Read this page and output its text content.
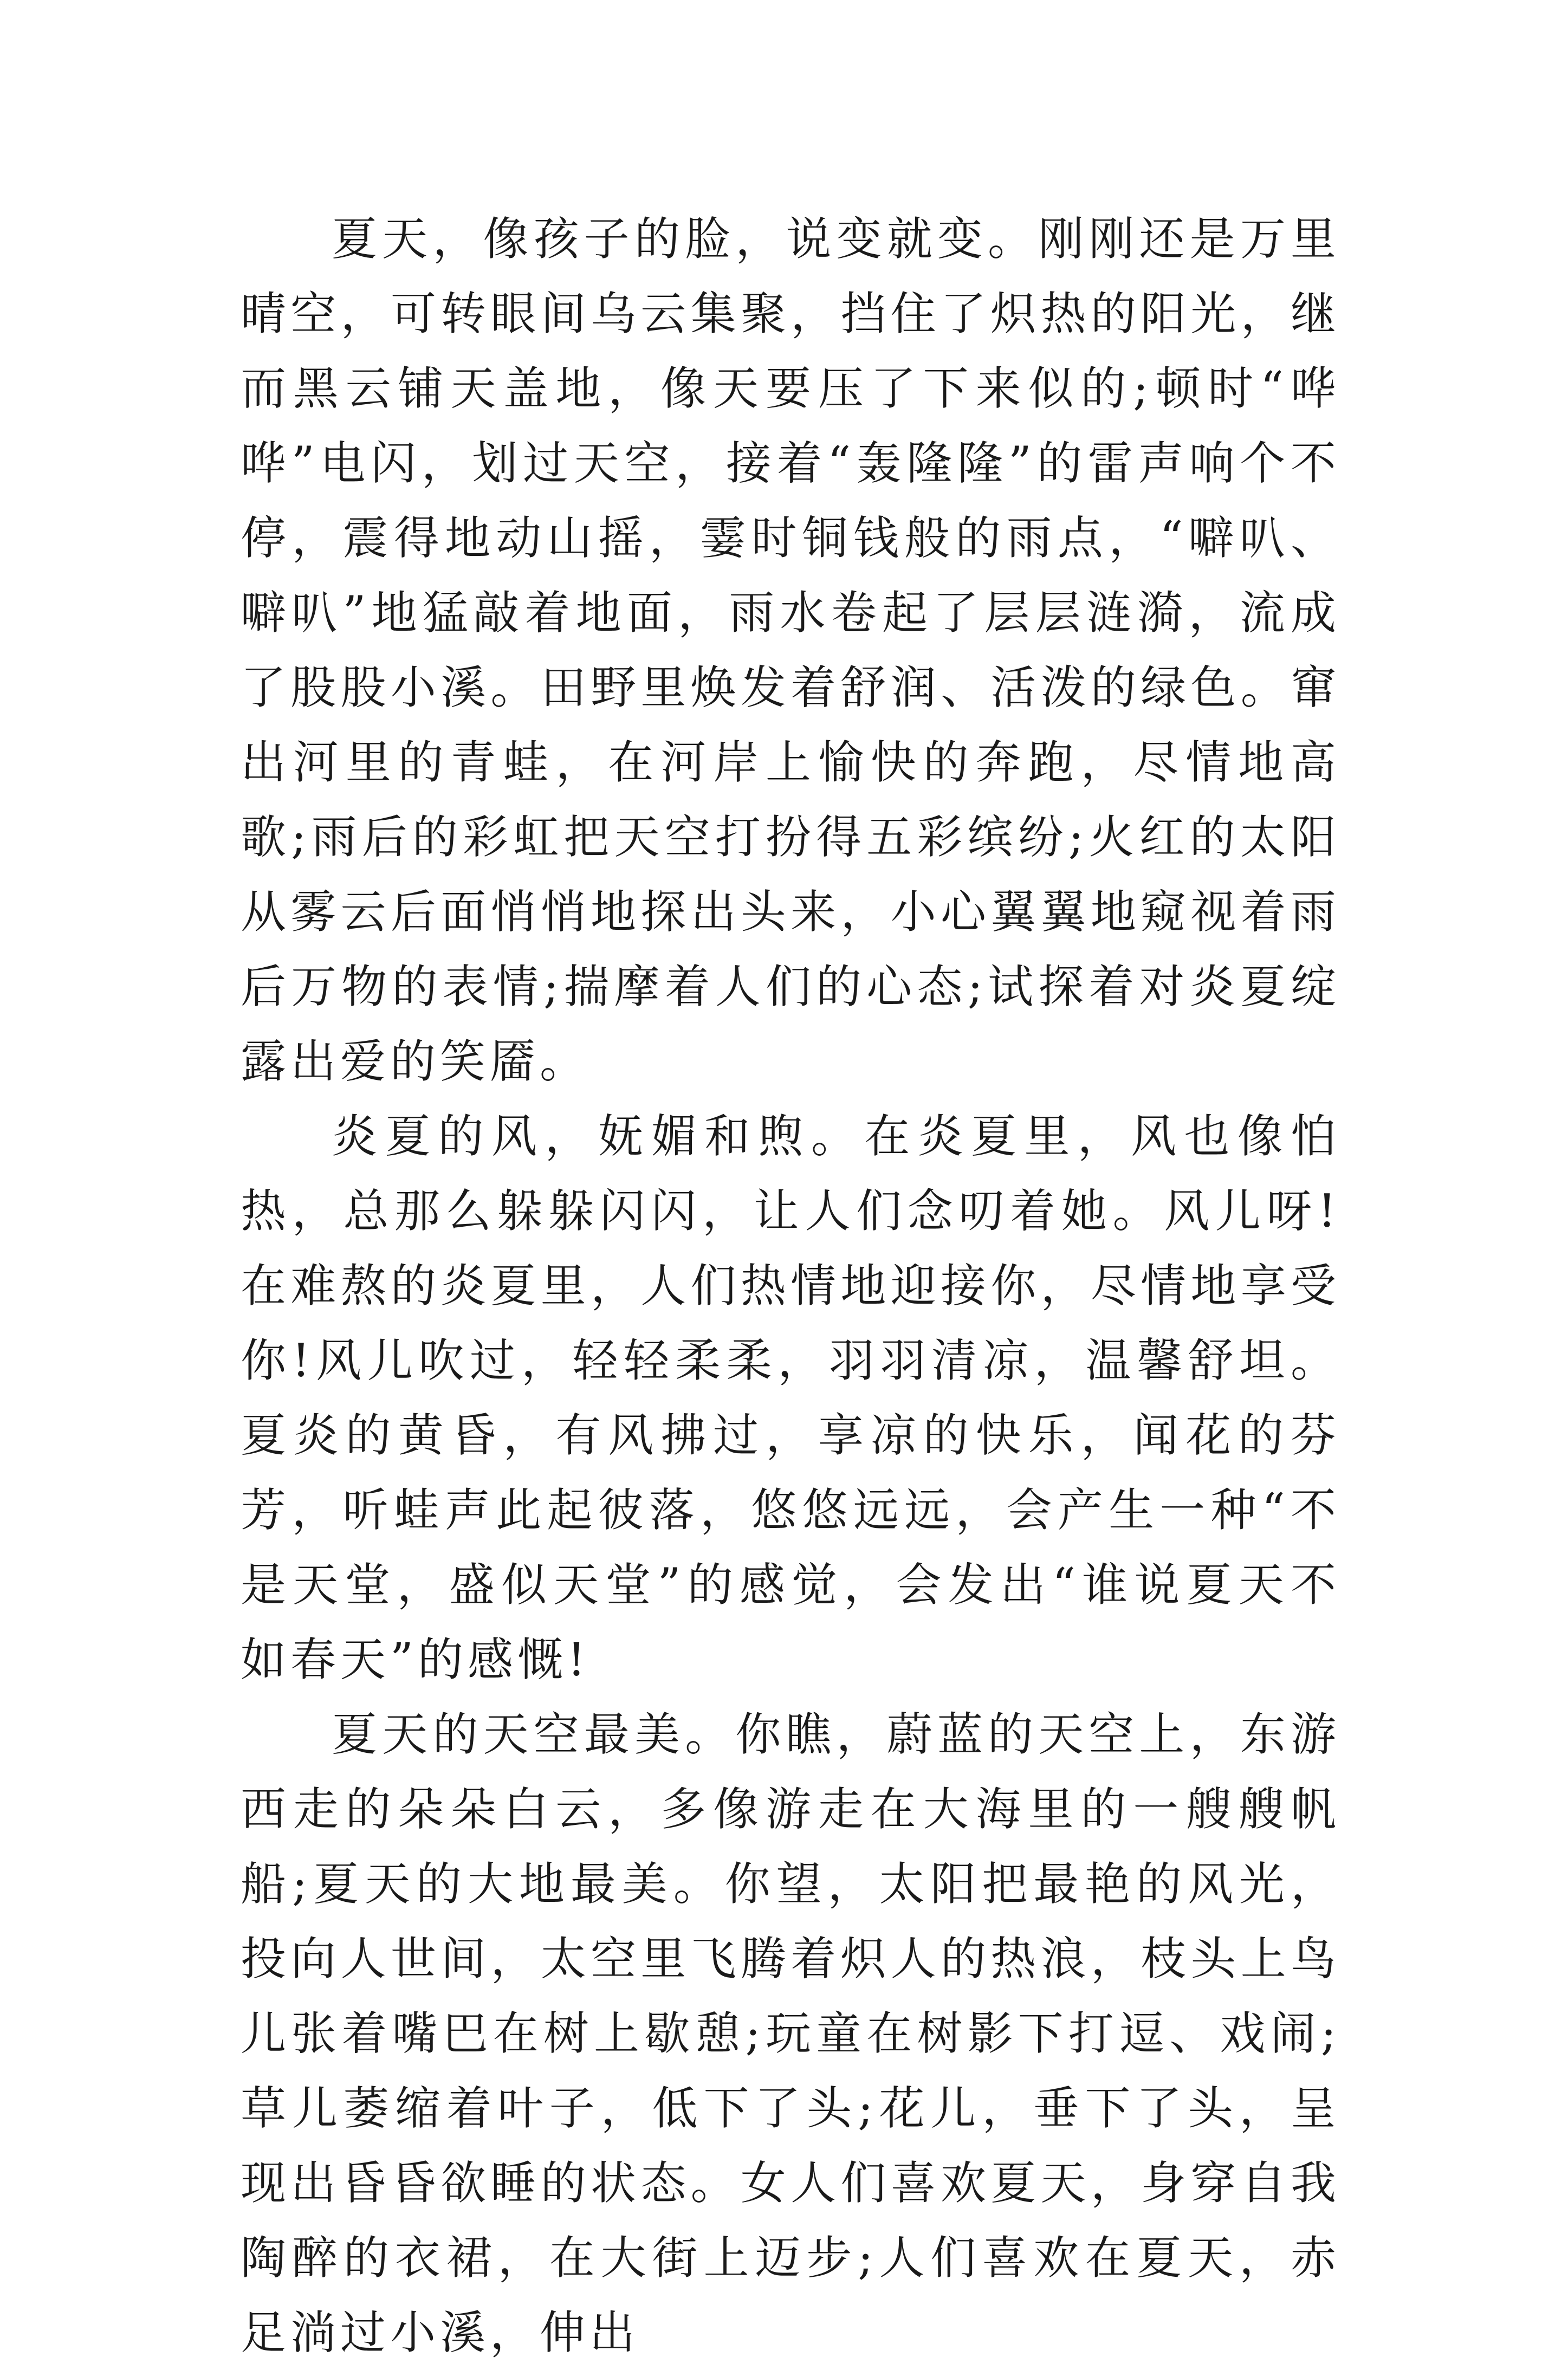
夏天，像孩子的脸，说变就变。刚刚还是万里晴空，可转眼间乌云集聚，挡住了炽热的阳光，继而黑云铺天盖地，像天要压了下来似的;顿时“哗哗”电闪，划过天空，接着“轰隆隆”的雷声响个不停，震得地动山摇，霎时铜钱般的雨点，“噼叭、噼叭”地猛敲着地面，雨水卷起了层层涟漪，流成了股股小溪。田野里焕发着舒润、活泼的绿色。窜出河里的青蛙，在河岸上愉快的奔跑，尽情地高歌;雨后的彩虹把天空打扮得五彩缤纷;火红的太阳从雾云后面悄悄地探出头来，小心翼翼地窥视着雨后万物的表情;揣摩着人们的心态;试探着对炎夏绽露出爱的笑靥。

炎夏的风，妩媚和煦。在炎夏里，风也像怕热，总那么躲躲闪闪，让人们念叨着她。风儿呀!在难熬的炎夏里，人们热情地迎接你，尽情地享受你!风儿吹过，轻轻柔柔，羽羽清凉，温馨舒坦。夏炎的黄昏，有风拂过，享凉的快乐，闻花的芬芳，听蛙声此起彼落，悠悠远远，会产生一种“不是天堂，盛似天堂”的感觉，会发出“谁说夏天不如春天”的感慨!

夏天的天空最美。你瞧，蔚蓝的天空上，东游西走的朵朵白云，多像游走在大海里的一艘艘帆船;夏天的大地最美。你望，太阳把最艳的风光，投向人世间，太空里飞腾着炽人的热浪，枝头上鸟儿张着嘴巴在树上歇憩;玩童在树影下打逗、戏闹;草儿萎缩着叶子，低下了头;花儿，垂下了头，呈现出昏昏欲睡的状态。女人们喜欢夏天，身穿自我陶醉的衣裙，在大街上迈步;人们喜欢在夏天，赤足淌过小溪，伸出
